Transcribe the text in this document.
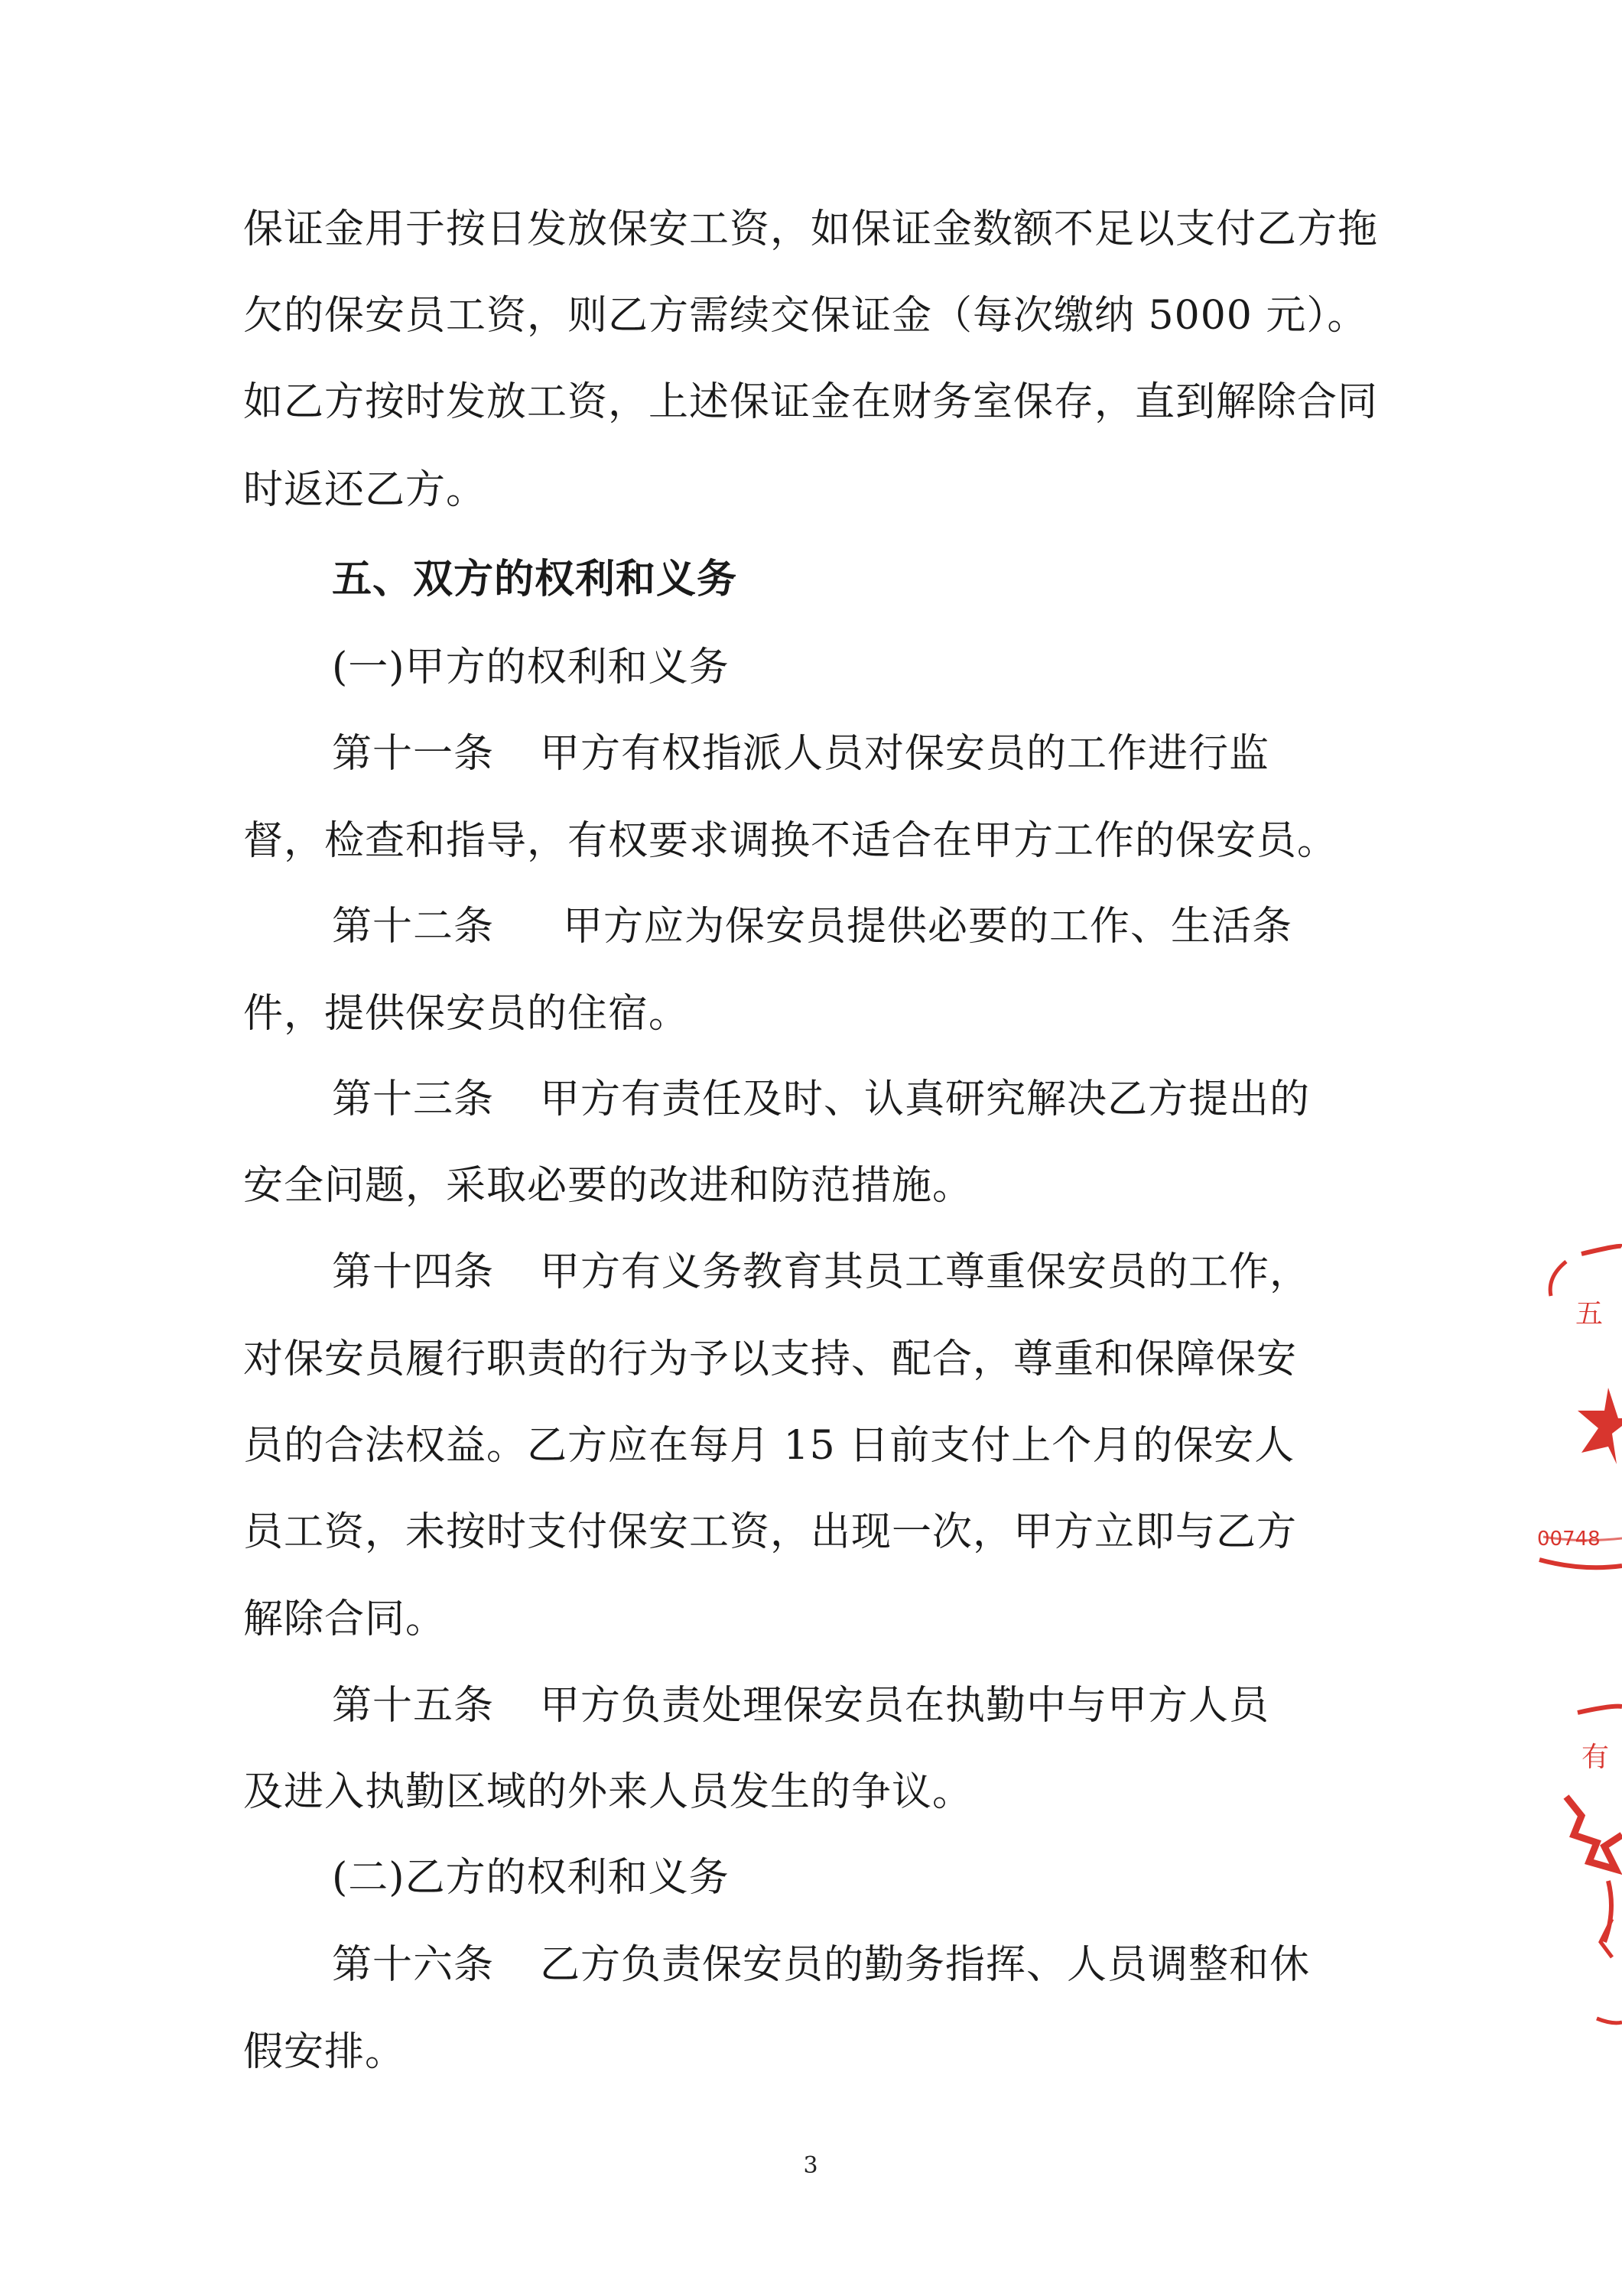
保证金用于按日发放保安工资，如保证金数额不足以支付乙方拖
欠的保安员工资，则乙方需续交保证金（每次缴纳 5000 元）。
如乙方按时发放工资，上述保证金在财务室保存，直到解除合同
时返还乙方。
五、双方的权利和义务
(一)甲方的权利和义务
第十一条 甲方有权指派人员对保安员的工作进行监
督，检查和指导，有权要求调换不适合在甲方工作的保安员。
第十二条 甲方应为保安员提供必要的工作、生活条
件，提供保安员的住宿。
第十三条 甲方有责任及时、认真研究解决乙方提出的
安全问题，采取必要的改进和防范措施。
第十四条 甲方有义务教育其员工尊重保安员的工作，
对保安员履行职责的行为予以支持、配合，尊重和保障保安
员的合法权益。乙方应在每月 15 日前支付上个月的保安人
员工资，未按时支付保安工资，出现一次，甲方立即与乙方
解除合同。
第十五条 甲方负责处理保安员在执勤中与甲方人员
及进入执勤区域的外来人员发生的争议。
(二)乙方的权利和义务
第十六条 乙方负责保安员的勤务指挥、人员调整和休
假安排。
3
五
00748
有
